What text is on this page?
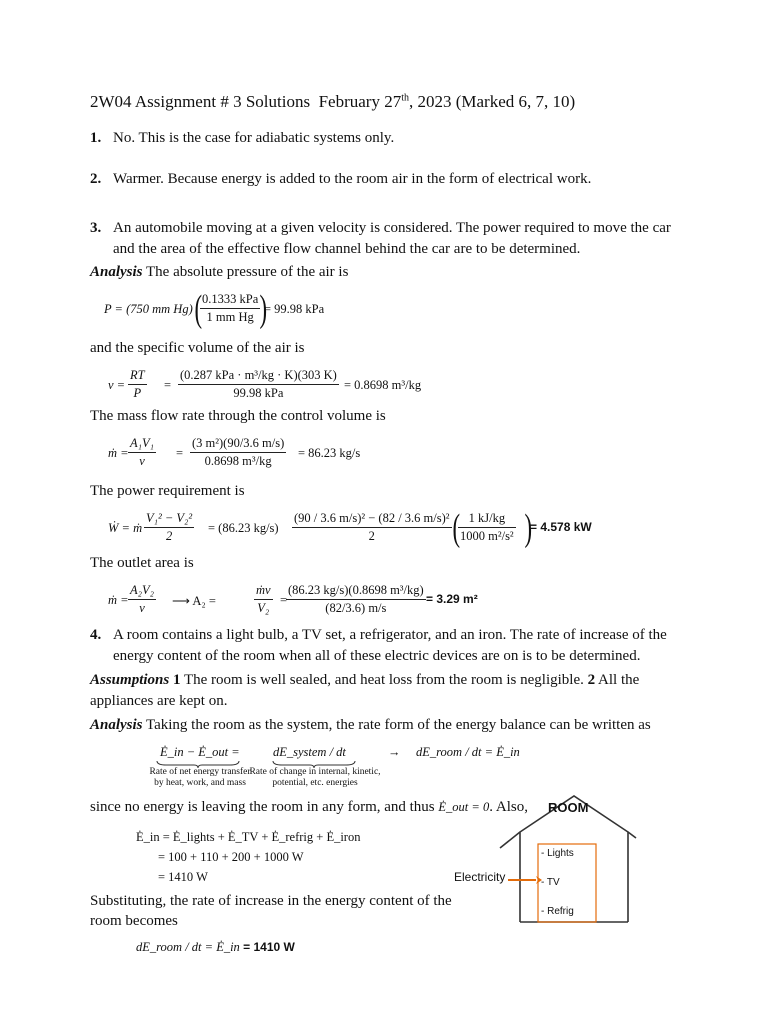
2W04 Assignment # 3 Solutions  February 27th, 2023 (Marked 6, 7, 10)
1. No. This is the case for adiabatic systems only.
2. Warmer. Because energy is added to the room air in the form of electrical work.
3. An automobile moving at a given velocity is considered. The power required to move the car
and the area of the effective flow channel behind the car are to be determined.
Analysis The absolute pressure of the air is
P = (750 mm Hg) ( 0.1333 kPa
1 mm Hg )
= 99.98 kPa
and the specific volume of the air is
$v = \frac{RT}{P}$ =
(0.287 kPa · m³/kg · K)(303 K)
99.98 kPa
= 0.8698 m³/kg
The mass flow rate through the control volume is
ṁ = $\frac{\text{A₁V₁}}{v} = \frac{\text{(3 m²)(90/3.6 m/s)}}{\text{0.8698 m³/kg}} = 86.23$ kg/s
The power requirement is
Ẇ = ṁ $\frac{\text{V₁² − V₂²}}{2} = (86.23$ $kg/s) \frac{\text{(90 / 3.6 m/s)² − (82 / 3.6 m/s)²}}{2}$ (
$\frac{1 kJ/kg}{\text{1000 m²/s²}}$ )
= 4.578 kW
The outlet area is
ṁ = $\frac{\text{A₂V₂}}{v}$ ⟶ A₂ =	$\frac{\text{ṁv}}{\text{V₂}}$ =
$\frac{\text{(86.23 kg/s)(0.8698 m³/kg)}}{(82/3.6) m/s} = 3.29$ m²
4. A room contains a light bulb, a TV set, a refrigerator, and an iron. The rate of increase of the
energy content of the room when all of these electric devices are on is to be determined.
Assumptions 1 The room is well sealed, and heat loss from the room is negligible. 2 All the
appliances are kept on.
Analysis Taking the room as the system, the rate form of the energy balance can be written as
Ė_in − Ė_out =	dE_system / dt	→ dE_room / dt = Ė_in
Rate of net energy transfer
by heat, work, and mass
Rate of change in internal, kinetic,
potential, etc. energies
since no energy is leaving the room in any form, and thus Ė_out = 0. Also,
Ė_in = Ė_lights + Ė_TV + Ė_refrig + Ė_iron
= 100 + 110 + 200 + 1000 W
= 1410 W
Substituting, the rate of increase in the energy content of the
room becomes
dE_room / dt = Ė_in = 1410 W
ROOM
Electricity
- Lights
- TV
- Refrig
